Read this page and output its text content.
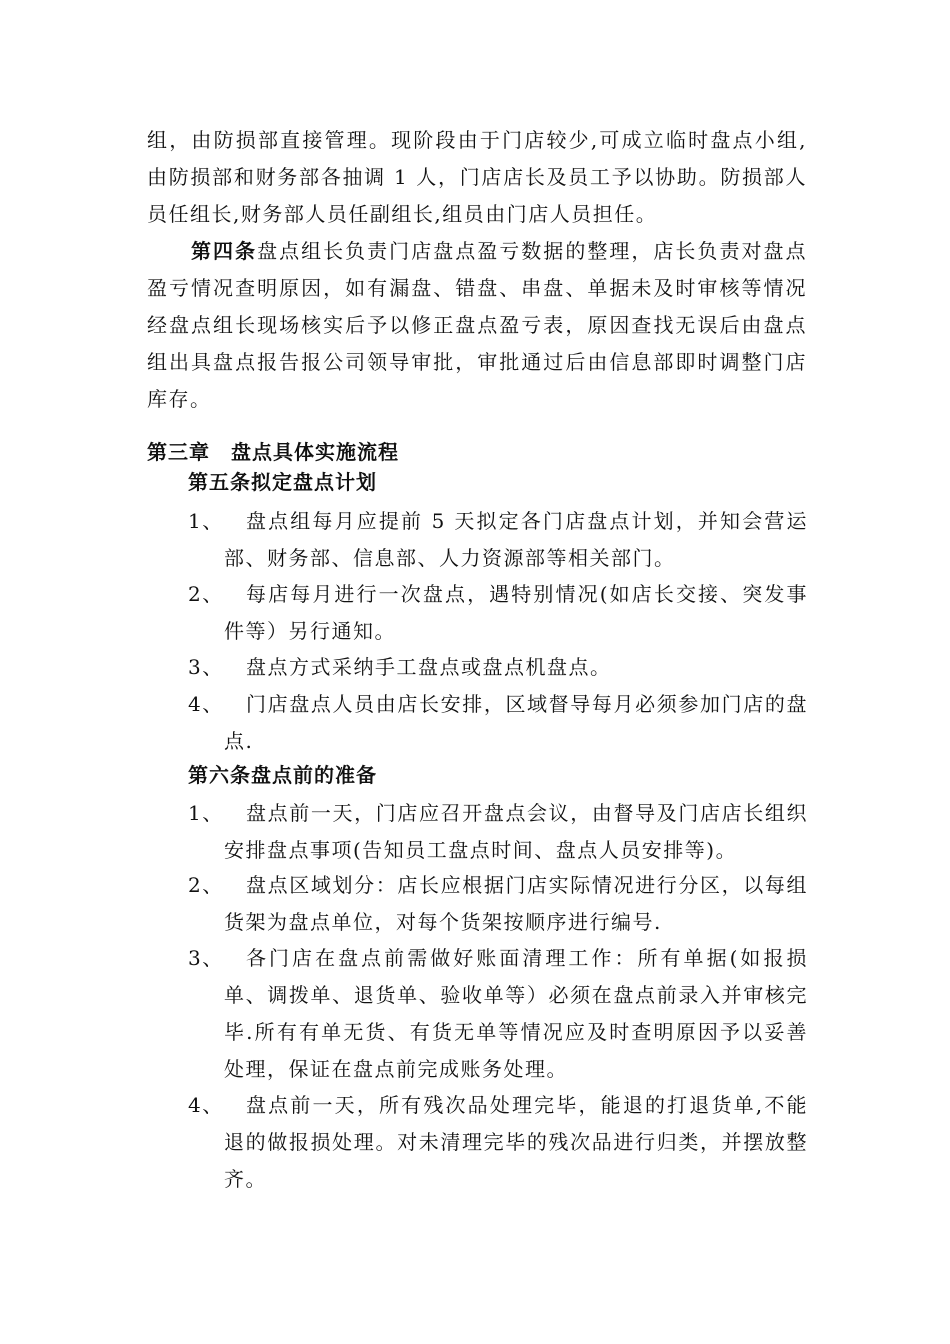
组，由防损部直接管理。现阶段由于门店较少,可成立临时盘点小组,由防损部和财务部各抽调 1 人，门店店长及员工予以协助。防损部人员任组长,财务部人员任副组长,组员由门店人员担任。
第四条盘点组长负责门店盘点盈亏数据的整理，店长负责对盘点盈亏情况查明原因，如有漏盘、错盘、串盘、单据未及时审核等情况经盘点组长现场核实后予以修正盘点盈亏表，原因查找无误后由盘点组出具盘点报告报公司领导审批，审批通过后由信息部即时调整门店库存。
第三章　盘点具体实施流程
第五条拟定盘点计划
1、	盘点组每月应提前 5 天拟定各门店盘点计划，并知会营运部、财务部、信息部、人力资源部等相关部门。
2、	每店每月进行一次盘点，遇特别情况(如店长交接、突发事件等）另行通知。
3、	盘点方式采纳手工盘点或盘点机盘点。
4、	门店盘点人员由店长安排，区域督导每月必须参加门店的盘点.
第六条盘点前的准备
1、	盘点前一天，门店应召开盘点会议，由督导及门店店长组织安排盘点事项(告知员工盘点时间、盘点人员安排等)。
2、	盘点区域划分：店长应根据门店实际情况进行分区，以每组货架为盘点单位，对每个货架按顺序进行编号.
3、	各门店在盘点前需做好账面清理工作：所有单据(如报损单、调拨单、退货单、验收单等）必须在盘点前录入并审核完毕.所有有单无货、有货无单等情况应及时查明原因予以妥善处理，保证在盘点前完成账务处理。
4、	盘点前一天，所有残次品处理完毕，能退的打退货单,不能退的做报损处理。对未清理完毕的残次品进行归类，并摆放整齐。
